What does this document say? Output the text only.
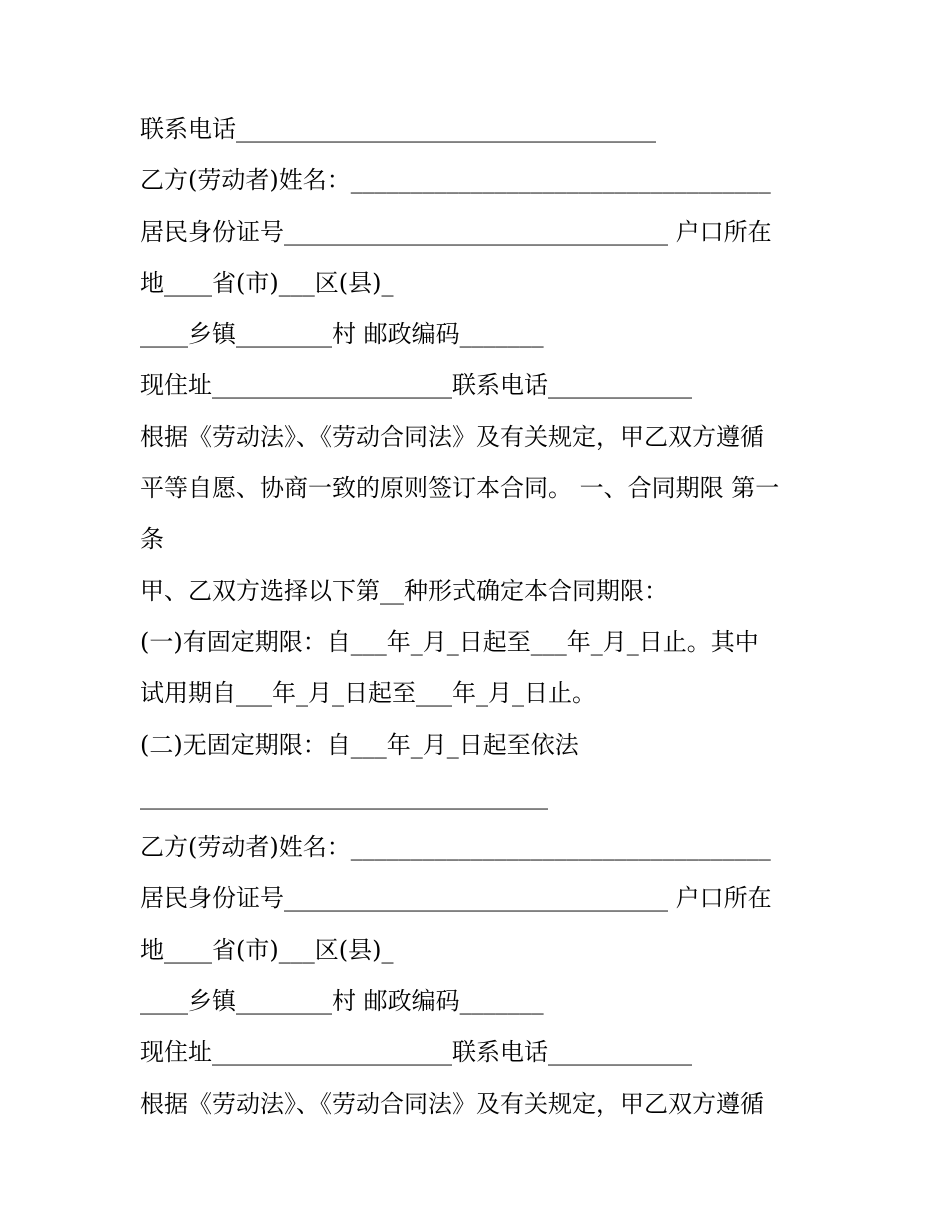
联系电话___________________________________
乙方(劳动者)姓名：___________________________________
居民身份证号________________________________ 户口所在
地____省(市)___区(县)_
____乡镇________村 邮政编码_______
现住址____________________联系电话____________
根据《劳动法》、《劳动合同法》及有关规定，甲乙双方遵循
平等自愿、协商一致的原则签订本合同。 一、合同期限 第一
条
甲、乙双方选择以下第__种形式确定本合同期限：
(一)有固定期限：自___年_月_日起至___年_月_日止。其中
试用期自___年_月_日起至___年_月_日止。
(二)无固定期限：自___年_月_日起至依法
__________________________________
乙方(劳动者)姓名：___________________________________
居民身份证号________________________________ 户口所在
地____省(市)___区(县)_
____乡镇________村 邮政编码_______
现住址____________________联系电话____________
根据《劳动法》、《劳动合同法》及有关规定，甲乙双方遵循
